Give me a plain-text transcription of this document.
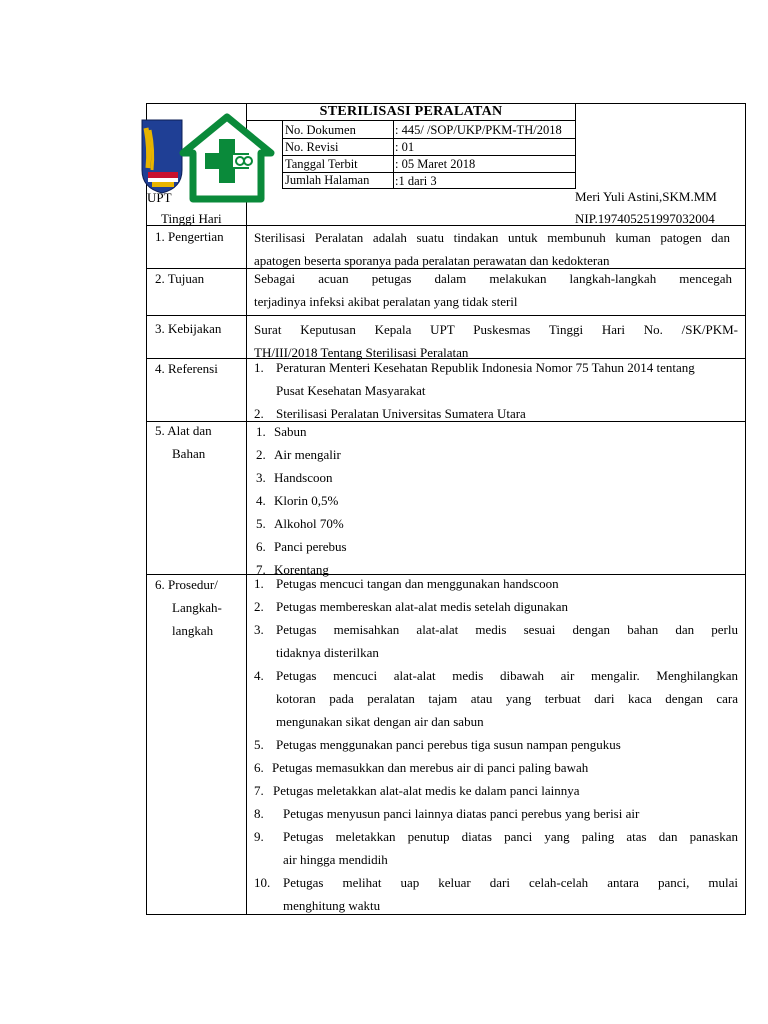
STERILISASI PERALATAN
No. Dokumen	: 445/ /SOP/UKP/PKM-TH/2018
No. Revisi	: 01
Tanggal Terbit	: 05 Maret 2018
Jumlah Halaman :1 dari 3
UPT
Tinggi Hari
Meri Yuli Astini,SKM.MM
NIP.197405251997032004
1. Pengertian Sterilisasi Peralatan adalah suatu tindakan untuk membunuh kuman patogen dan
apatogen beserta sporanya pada peralatan perawatan dan kedokteran
2. Tujuan	Sebagai acuan petugas dalam melakukan langkah-langkah mencegah
terjadinya infeksi akibat peralatan yang tidak steril
3. Kebijakan	Surat Keputusan Kepala UPT Puskesmas Tinggi Hari No. /SK/PKM-
TH/III/2018 Tentang Sterilisasi Peralatan
4. Referensi	1. Peraturan Menteri Kesehatan Republik Indonesia Nomor 75 Tahun 2014 tentang
Pusat Kesehatan Masyarakat
2. Sterilisasi Peralatan Universitas Sumatera Utara
5. Alat dan
Bahan
1. Sabun
2. Air mengalir
3. Handscoon
4. Klorin 0,5%
5. Alkohol 70%
6. Panci perebus
7. Korentang
6. Prosedur/
Langkah-
langkah
1. Petugas mencuci tangan dan menggunakan handscoon
2. Petugas membereskan alat-alat medis setelah digunakan
3. Petugas memisahkan alat-alat medis sesuai dengan bahan dan perlu
tidaknya disterilkan
4. Petugas mencuci alat-alat medis dibawah air mengalir. Menghilangkan
kotoran pada peralatan tajam atau yang terbuat dari kaca dengan cara
mengunakan sikat dengan air dan sabun
5. Petugas menggunakan panci perebus tiga susun nampan pengukus
6. Petugas memasukkan dan merebus air di panci paling bawah
7. Petugas meletakkan alat-alat medis ke dalam panci lainnya
8. Petugas menyusun panci lainnya diatas panci perebus yang berisi air
9. Petugas meletakkan penutup diatas panci yang paling atas dan panaskan
air hingga mendidih
10. Petugas melihat uap keluar dari celah-celah antara panci, mulai
menghitung waktu
